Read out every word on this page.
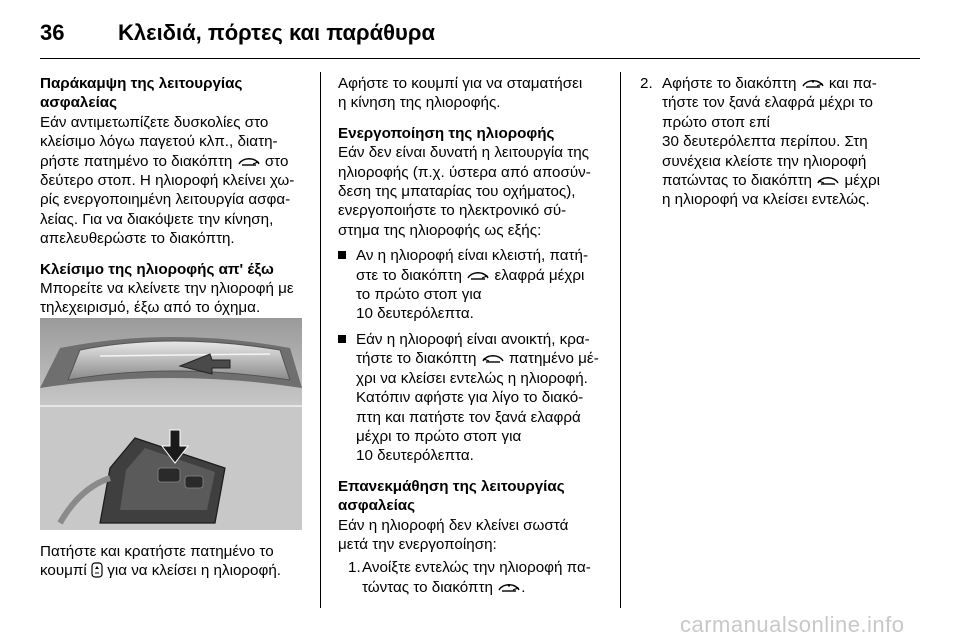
36 Κλειδιά, πόρτες και παράθυρα
Παράκαμψη της λειτουργίας
ασφαλείας
Εάν αντιμετωπίζετε δυσκολίες στο
κλείσιμο λόγω παγετού κλπ., διατη-
ρήστε πατημένο το διακόπτη στο
δεύτερο στοπ. Η ηλιοροφή κλείνει χω-
ρίς ενεργοποιημένη λειτουργία ασφα-
λείας. Για να διακόψετε την κίνηση,
απελευθερώστε το διακόπτη.
Κλείσιμο της ηλιοροφής απ' έξω
Μπορείτε να κλείνετε την ηλιοροφή με
τηλεχειρισμό, έξω από το όχημα.
Πατήστε και κρατήστε πατημένο το
κουμπί για να κλείσει η ηλιοροφή.
Αφήστε το κουμπί για να σταματήσει
η κίνηση της ηλιοροφής.
Ενεργοποίηση της ηλιοροφής
Εάν δεν είναι δυνατή η λειτουργία της
ηλιοροφής (π.χ. ύστερα από αποσύν-
δεση της μπαταρίας του οχήματος),
ενεργοποιήστε το ηλεκτρονικό σύ-
στημα της ηλιοροφής ως εξής:
Αν η ηλιοροφή είναι κλειστή, πατή-
στε το διακόπτη ελαφρά μέχρι
το πρώτο στοπ για
10 δευτερόλεπτα.
Εάν η ηλιοροφή είναι ανοικτή, κρα-
τήστε το διακόπτη πατημένο μέ-
χρι να κλείσει εντελώς η ηλιοροφή.
Κατόπιν αφήστε για λίγο το διακό-
πτη και πατήστε τον ξανά ελαφρά
μέχρι το πρώτο στοπ για
10 δευτερόλεπτα.
Επανεκμάθηση της λειτουργίας
ασφαλείας
Εάν η ηλιοροφή δεν κλείνει σωστά
μετά την ενεργοποίηση:
1. Ανοίξτε εντελώς την ηλιοροφή πα-
τώντας το διακόπτη .
2. Αφήστε το διακόπτη και πα-
τήστε τον ξανά ελαφρά μέχρι το
πρώτο στοπ επί
30 δευτερόλεπτα περίπου. Στη
συνέχεια κλείστε την ηλιοροφή
πατώντας το διακόπτη μέχρι
η ηλιοροφή να κλείσει εντελώς.
carmanualsonline.info
